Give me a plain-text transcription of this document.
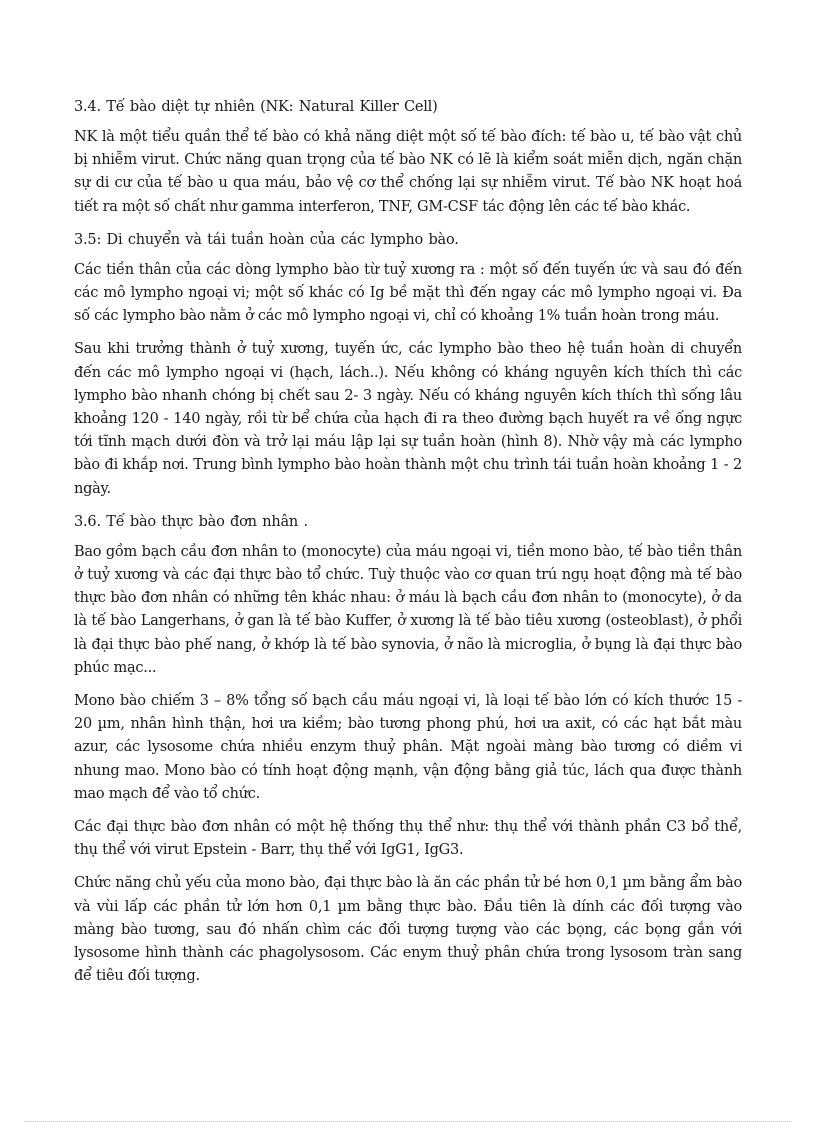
3.4. Tế bào diệt tự nhiên (NK: Natural Killer Cell)

NK là một tiểu quần thể tế bào có khả năng diệt một số tế bào đích: tế bào u, tế bào vật chủ bị nhiễm virut. Chức năng quan trọng của tế bào NK có lẽ là kiểm soát miễn dịch, ngăn chặn sự di cư của tế bào u qua máu, bảo vệ cơ thể chống lại sự nhiễm virut. Tế bào NK hoạt hoá tiết ra một số chất như gamma interferon, TNF, GM-CSF tác động lên các tế bào khác.

3.5: Di chuyển và tái tuần hoàn của các lympho bào.

Các tiền thân của các dòng lympho bào từ tuỷ xương ra : một số đến tuyến ức và sau đó đến các mô lympho ngoại vi; một số khác có Ig bề mặt thì đến ngay các mô lympho ngoại vi. Đa số các lympho bào nằm ở các mô lympho ngoại vi, chỉ có khoảng 1% tuần hoàn trong máu.

Sau khi trưởng thành ở tuỷ xương, tuyến ức, các lympho bào theo hệ tuần hoàn di chuyển đến các mô lympho ngoại vi (hạch, lách..). Nếu không có kháng nguyên kích thích thì các lympho bào nhanh chóng bị chết sau 2- 3 ngày. Nếu có kháng nguyên kích thích thì sống lâu khoảng 120 - 140 ngày, rồi từ bể chứa của hạch đi ra theo đường bạch huyết ra về ống ngực tới tĩnh mạch dưới đòn và trở lại máu lập lại sự tuần hoàn (hình 8). Nhờ vậy mà các lympho bào đi khắp nơi. Trung bình lympho bào hoàn thành một chu trình tái tuần hoàn khoảng 1 - 2 ngày.

3.6. Tế bào thực bào đơn nhân .

Bao gồm bạch cầu đơn nhân to (monocyte) của máu ngoại vi, tiền mono bào, tế bào tiền thân ở tuỷ xương và các đại thực bào tổ chức. Tuỳ thuộc vào cơ quan trú ngụ hoạt động mà tế bào thực bào đơn nhân có những tên khác nhau: ở máu là bạch cầu đơn nhân to (monocyte), ở da là tế bào Langerhans, ở gan là tế bào Kuffer, ở xương là tế bào tiêu xương (osteoblast), ở phổi là đại thực bào phế nang, ở khớp là tế bào synovia, ở não là microglia, ở bụng là đại thực bào phúc mạc...

Mono bào chiếm 3 – 8% tổng số bạch cầu máu ngoại vi, là loại tế bào lớn có kích thước 15 - 20 µm, nhân hình thận, hơi ưa kiềm; bào tương phong phú, hơi ưa axit, có các hạt bắt màu azur, các lysosome chứa nhiều enzym thuỷ phân. Mặt ngoài màng bào tương có diềm vi nhung mao. Mono bào có tính hoạt động mạnh, vận động bằng giả túc, lách qua được thành mao mạch để vào tổ chức.

Các đại thực bào đơn nhân có một hệ thống thụ thể như: thụ thể với thành phần C3 bổ thể, thụ thể với virut Epstein - Barr, thụ thể với IgG1, IgG3.

Chức năng chủ yếu của mono bào, đại thực bào là ăn các phần tử bé hơn 0,1 µm bằng ẩm bào và vùi lấp các phần tử lớn hơn 0,1 µm bằng thực bào. Đầu tiên là dính các đối tượng vào màng bào tương, sau đó nhấn chìm các đối tượng tượng vào các bọng, các bọng gắn với lysosome hình thành các phagolysosom. Các enym thuỷ phân chứa trong lysosom tràn sang để tiêu đối tượng.
